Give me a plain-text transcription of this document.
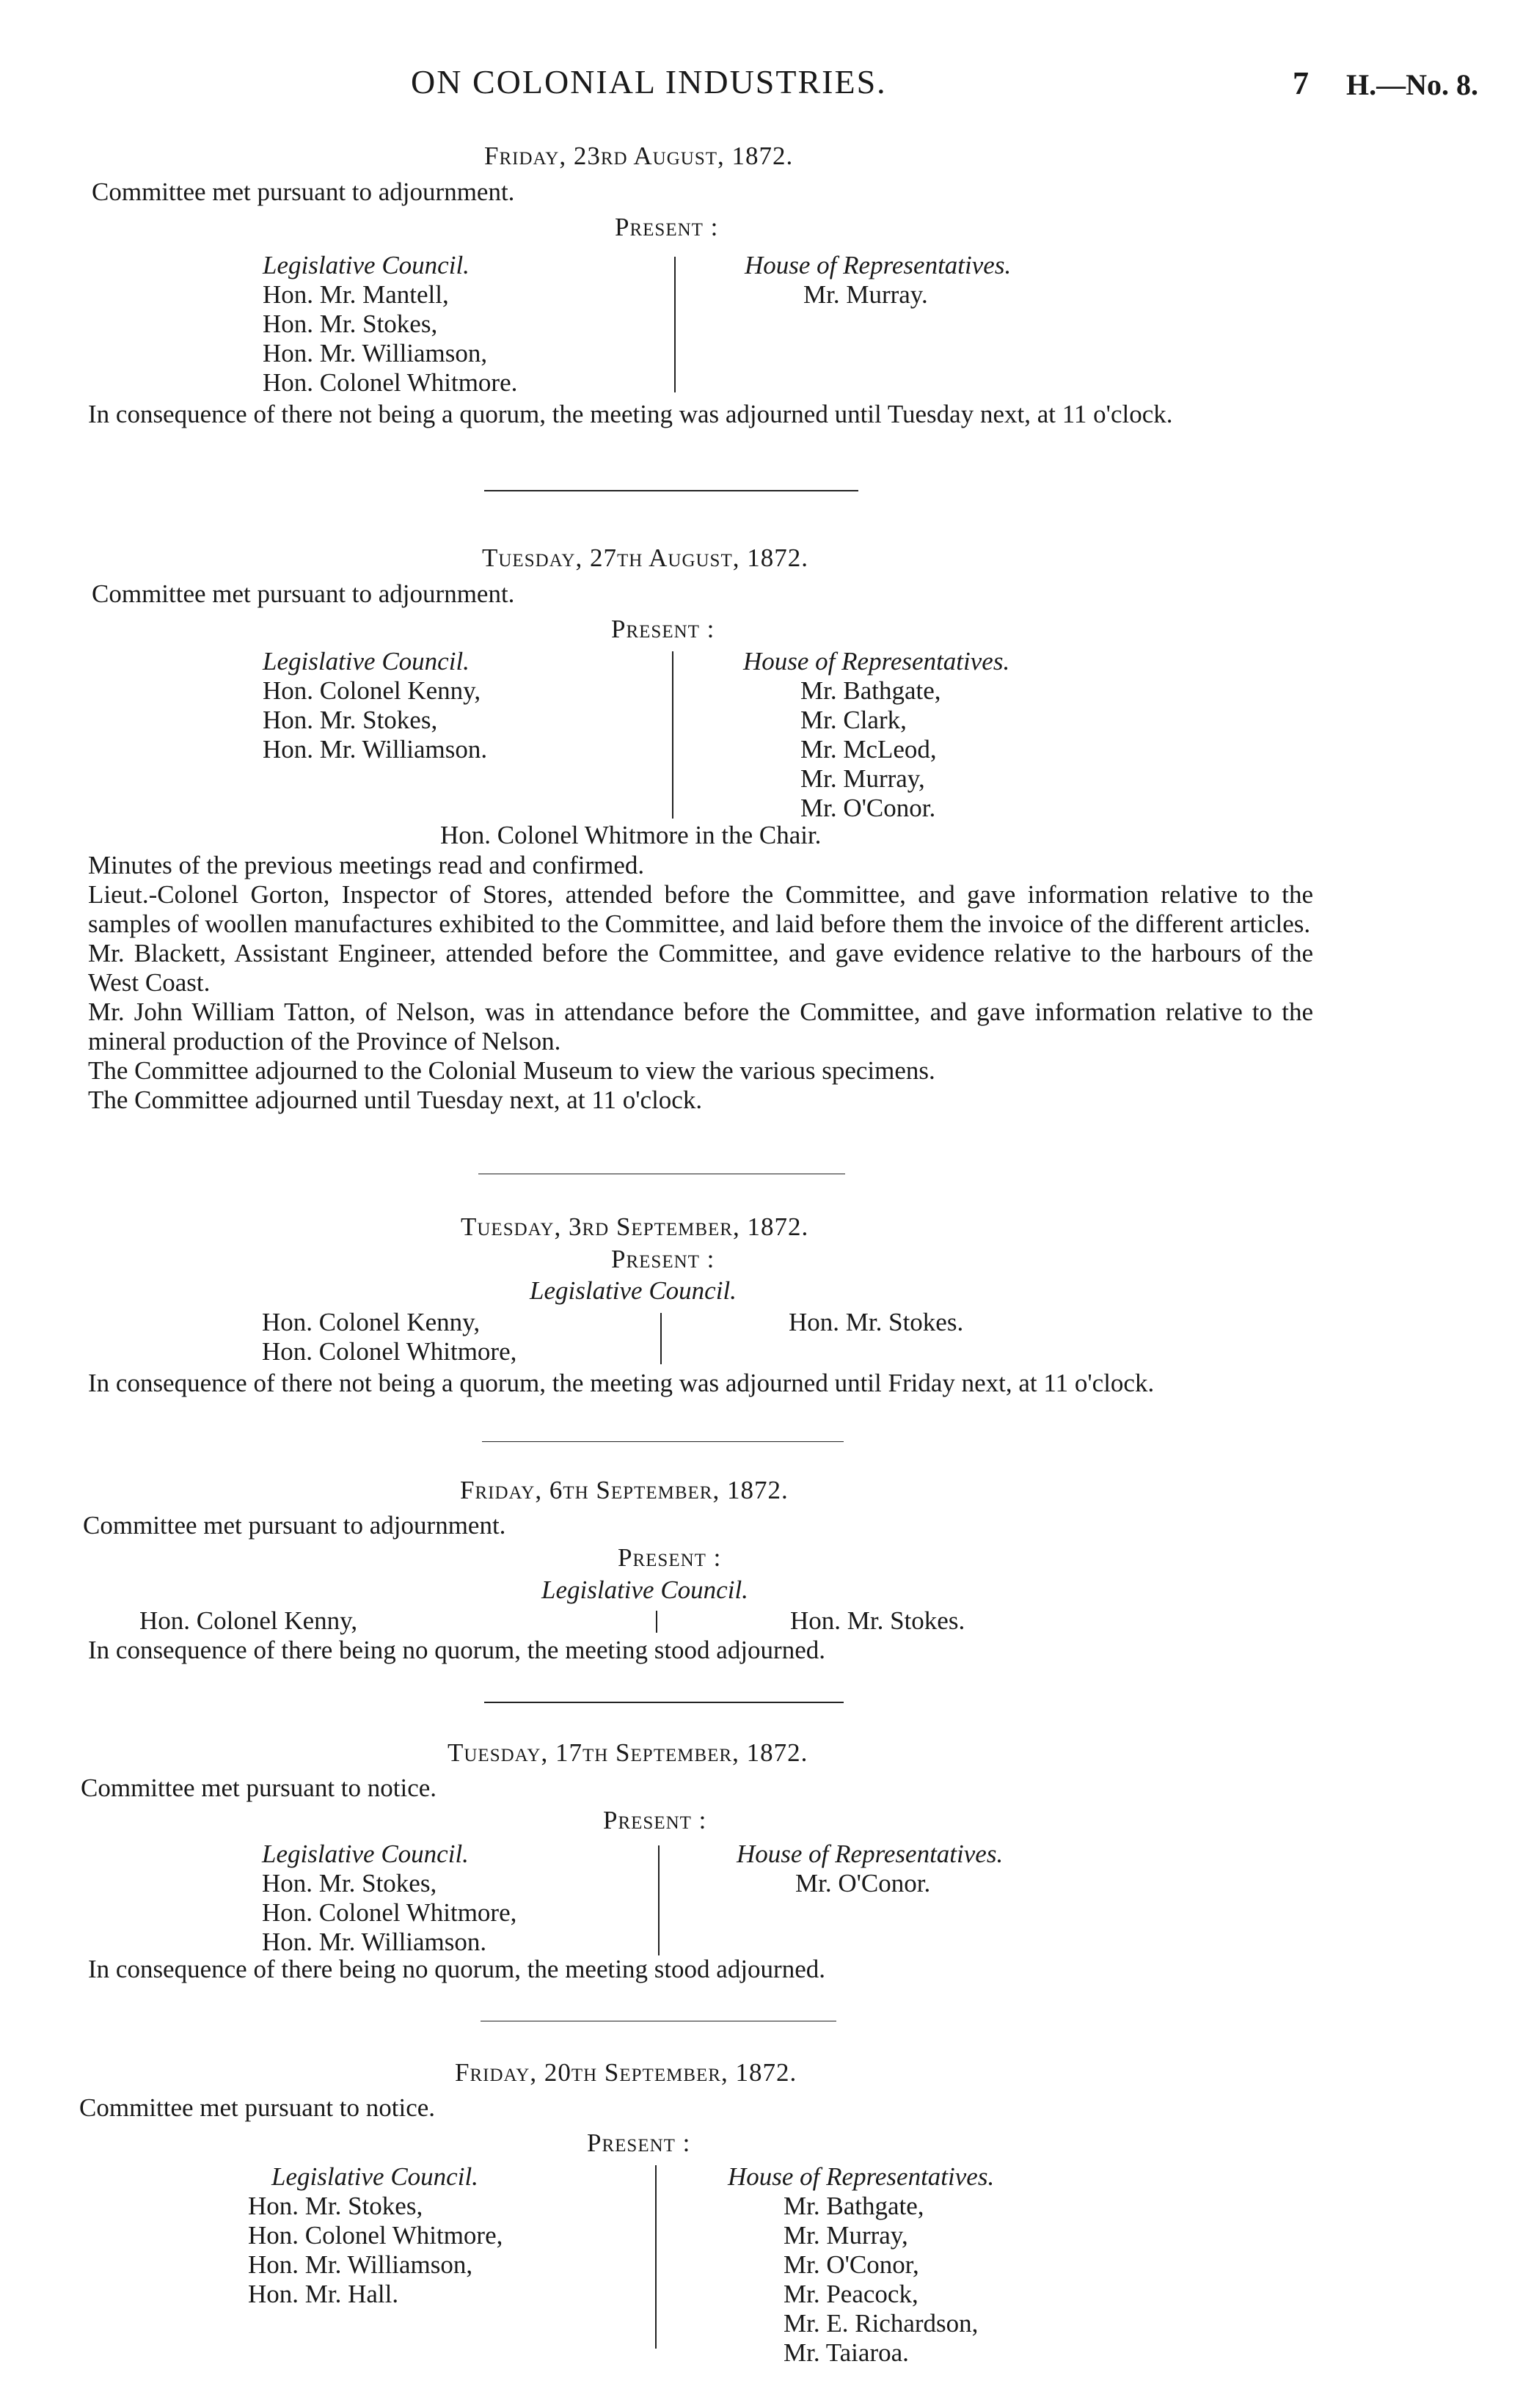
ON COLONIAL INDUSTRIES.	7 H.—No. 8.
Friday, 23rd August, 1872.
Committee met pursuant to adjournment.
Present :
Legislative Council.
Hon. Mr. Mantell,
Hon. Mr. Stokes,
Hon. Mr. Williamson,
Hon. Colonel Whitmore.
House of Representatives.
Mr. Murray.
In consequence of there not being a quorum, the meeting was adjourned until Tuesday next, at 11 o'clock.
Tuesday, 27th August, 1872.
Committee met pursuant to adjournment.
Present :
Legislative Council.
Hon. Colonel Kenny,
Hon. Mr. Stokes,
Hon. Mr. Williamson.
House of Representatives.
Mr. Bathgate,
Mr. Clark,
Mr. McLeod,
Mr. Murray,
Mr. O'Conor.
Hon. Colonel Whitmore in the Chair.
Minutes of the previous meetings read and confirmed.
Lieut.-Colonel Gorton, Inspector of Stores, attended before the Committee, and gave information relative to the samples of woollen manufactures exhibited to the Committee, and laid before them the invoice of the different articles.
Mr. Blackett, Assistant Engineer, attended before the Committee, and gave evidence relative to the harbours of the West Coast.
Mr. John William Tatton, of Nelson, was in attendance before the Committee, and gave information relative to the mineral production of the Province of Nelson.
The Committee adjourned to the Colonial Museum to view the various specimens.
The Committee adjourned until Tuesday next, at 11 o'clock.
Tuesday, 3rd September, 1872.
Present :
Legislative Council.
Hon. Colonel Kenny,
Hon. Colonel Whitmore,
Hon. Mr. Stokes.
In consequence of there not being a quorum, the meeting was adjourned until Friday next, at 11 o'clock.
Friday, 6th September, 1872.
Committee met pursuant to adjournment.
Present :
Legislative Council.
Hon. Colonel Kenny,	Hon. Mr. Stokes.
In consequence of there being no quorum, the meeting stood adjourned.
Tuesday, 17th September, 1872.
Committee met pursuant to notice.
Present :
Legislative Council.
Hon. Mr. Stokes,
Hon. Colonel Whitmore,
Hon. Mr. Williamson.
House of Representatives.
Mr. O'Conor.
In consequence of there being no quorum, the meeting stood adjourned.
Friday, 20th September, 1872.
Committee met pursuant to notice.
Present :
Legislative Council.
Hon. Mr. Stokes,
Hon. Colonel Whitmore,
Hon. Mr. Williamson,
Hon. Mr. Hall.
House of Representatives.
Mr. Bathgate,
Mr. Murray,
Mr. O'Conor,
Mr. Peacock,
Mr. E. Richardson,
Mr. Taiaroa.
